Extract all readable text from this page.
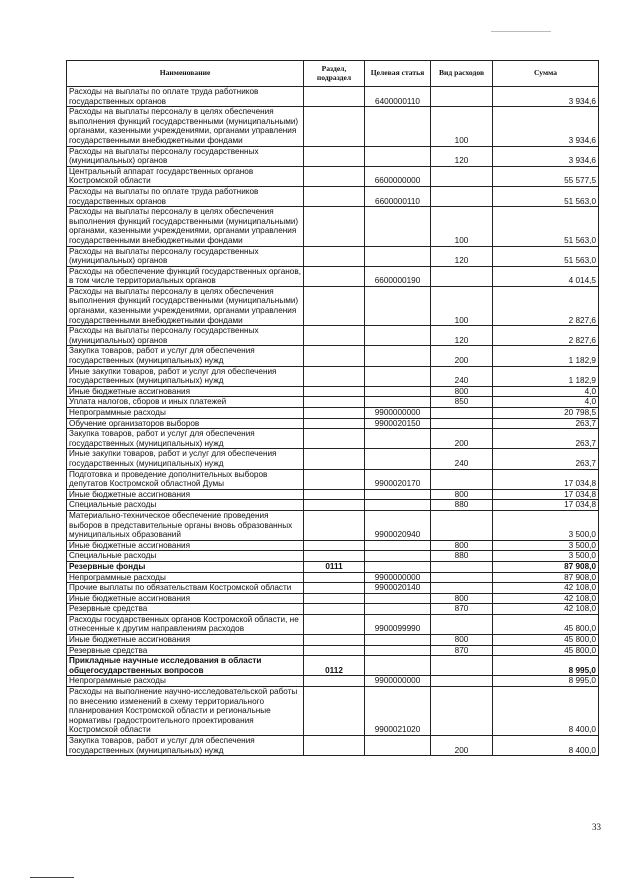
Наименование	Раздел, подраздел	Целевая статья	Вид расходов	Сумма
Расходы на выплаты по оплате труда работников государственных органов		6400000110		3 934,6
Расходы на выплаты персоналу в целях обеспечения выполнения функций государственными (муниципальными) органами, казенными учреждениями, органами управления государственными внебюджетными фондами			100	3 934,6
Расходы на выплаты персоналу государственных (муниципальных) органов			120	3 934,6
Центральный аппарат государственных органов Костромской области		6600000000		55 577,5
Расходы на выплаты по оплате труда работников государственных органов		6600000110		51 563,0
Расходы на выплаты персоналу в целях обеспечения выполнения функций государственными (муниципальными) органами, казенными учреждениями, органами управления государственными внебюджетными фондами			100	51 563,0
Расходы на выплаты персоналу государственных (муниципальных) органов			120	51 563,0
Расходы на обеспечение функций государственных органов, в том числе территориальных органов		6600000190		4 014,5
Расходы на выплаты персоналу в целях обеспечения выполнения функций государственными (муниципальными) органами, казенными учреждениями, органами управления государственными внебюджетными фондами			100	2 827,6
Расходы на выплаты персоналу государственных (муниципальных) органов			120	2 827,6
Закупка товаров, работ и услуг для обеспечения государственных (муниципальных) нужд			200	1 182,9
Иные закупки товаров, работ и услуг для обеспечения государственных (муниципальных) нужд			240	1 182,9
Иные бюджетные ассигнования			800	4,0
Уплата налогов, сборов и иных платежей			850	4,0
Непрограммные расходы		9900000000		20 798,5
Обучение организаторов выборов		9900020150		263,7
Закупка товаров, работ и услуг для обеспечения государственных (муниципальных) нужд			200	263,7
Иные закупки товаров, работ и услуг для обеспечения государственных (муниципальных) нужд			240	263,7
Подготовка и проведение дополнительных выборов депутатов Костромской областной Думы		9900020170		17 034,8
Иные бюджетные ассигнования			800	17 034,8
Специальные расходы			880	17 034,8
Материально-техническое обеспечение проведения выборов в представительные органы вновь образованных муниципальных образований		9900020940		3 500,0
Иные бюджетные ассигнования			800	3 500,0
Специальные расходы			880	3 500,0
Резервные фонды	0111			87 908,0
Непрограммные расходы		9900000000		87 908,0
Прочие выплаты по обязательствам Костромской области		9900020140		42 108,0
Иные бюджетные ассигнования			800	42 108,0
Резервные средства			870	42 108,0
Расходы государственных органов Костромской области, не отнесенные к другим направлениям расходов		9900099990		45 800,0
Иные бюджетные ассигнования			800	45 800,0
Резервные средства			870	45 800,0
Прикладные научные исследования в области общегосударственных вопросов	0112			8 995,0
Непрограммные расходы		9900000000		8 995,0
Расходы на выполнение научно-исследовательской работы по внесению изменений в схему территориального планирования Костромской области и региональные нормативы градостроительного проектирования Костромской области		9900021020		8 400,0
Закупка товаров, работ и услуг для обеспечения государственных (муниципальных) нужд			200	8 400,0
33
